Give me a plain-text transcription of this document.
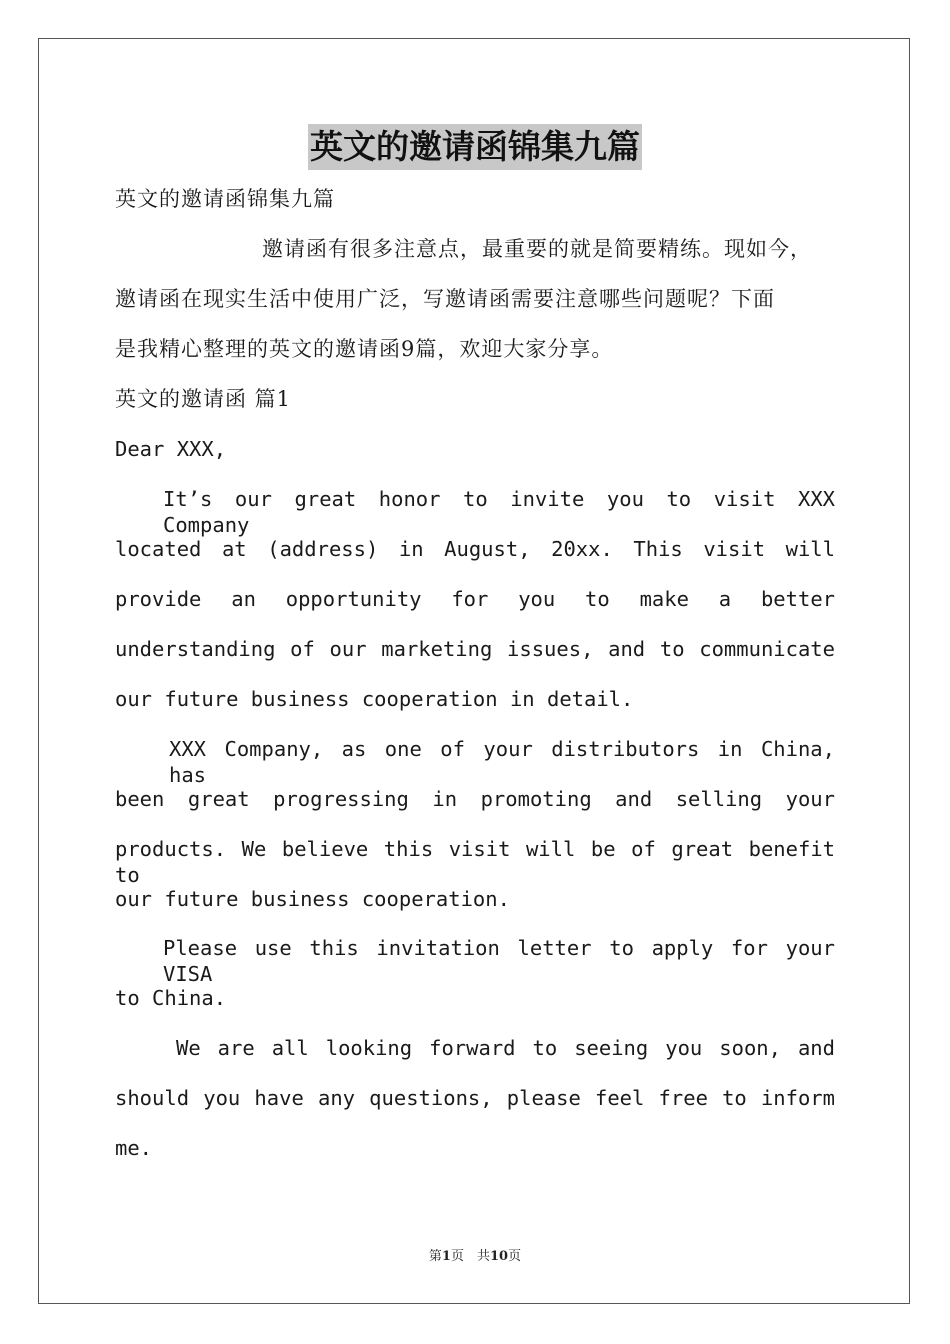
英文的邀请函锦集九篇

英文的邀请函锦集九篇

邀请函有很多注意点，最重要的就是简要精练。现如今，

邀请函在现实生活中使用广泛，写邀请函需要注意哪些问题呢？下面

是我精心整理的英文的邀请函9篇，欢迎大家分享。

英文的邀请函 篇1

Dear XXX,

It’s our great honor to invite you to visit XXX Company

located at (address) in August, 20xx. This visit will

provide an opportunity for you to make a better

understanding of our marketing issues, and to communicate

our future business cooperation in detail.

XXX Company, as one of your distributors in China, has

been great progressing in promoting and selling your

products. We believe this visit will be of great benefit to

our future business cooperation.

Please use this invitation letter to apply for your VISA

to China.

We are all looking forward to seeing you soon, and

should you have any questions, please feel free to inform

me.

第1页　共10页
